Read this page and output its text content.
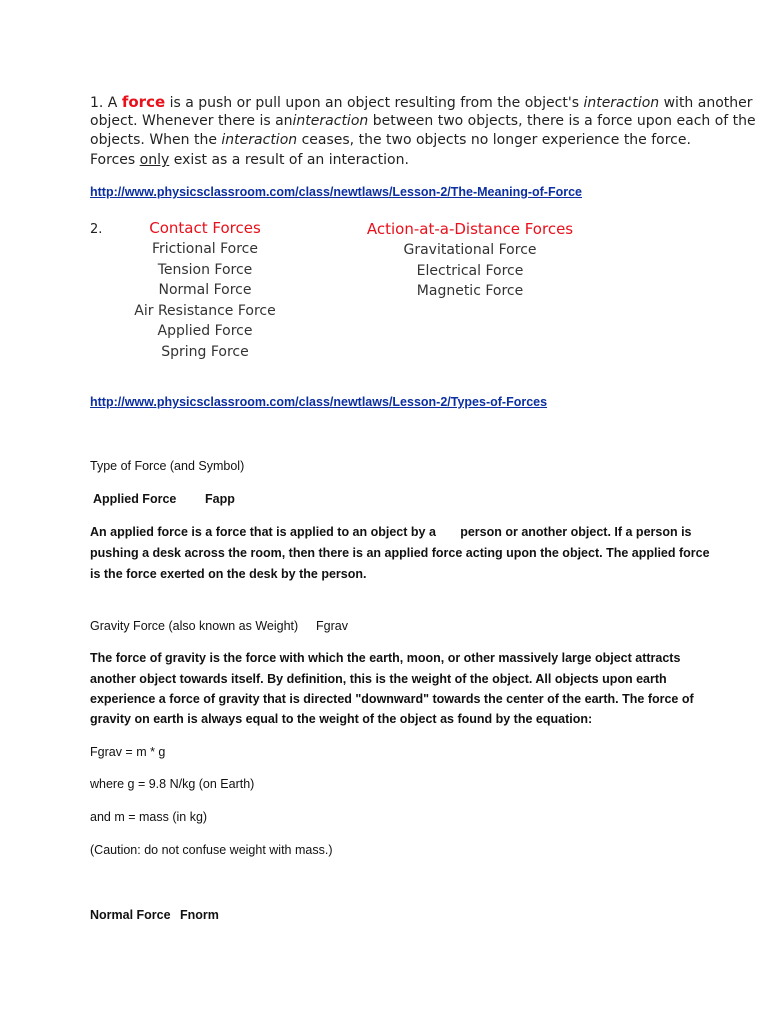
1. A force is a push or pull upon an object resulting from the object's interaction with another
object. Whenever there is aninteraction between two objects, there is a force upon each of the
objects. When the interaction ceases, the two objects no longer experience the force.
Forces only exist as a result of an interaction.
http://www.physicsclassroom.com/class/newtlaws/Lesson-2/The-Meaning-of-Force
2.	Contact Forces
Frictional Force
Tension Force
Normal Force
Air Resistance Force
Applied Force
Spring Force
Action-at-a-Distance Forces
Gravitational Force
Electrical Force
Magnetic Force
http://www.physicsclassroom.com/class/newtlaws/Lesson-2/Types-of-Forces
Type of Force (and Symbol)
Applied Force Fapp
An applied force is a force that is applied to an object by a       person or another object. If a person is
pushing a desk across the room, then there is an applied force acting upon the object. The applied force
is the force exerted on the desk by the person.
Gravity Force (also known as Weight) Fgrav
The force of gravity is the force with which the earth, moon, or other massively large object attracts
another object towards itself. By definition, this is the weight of the object. All objects upon earth
experience a force of gravity that is directed "downward" towards the center of the earth. The force of
gravity on earth is always equal to the weight of the object as found by the equation:
Fgrav = m * g
where g = 9.8 N/kg (on Earth)
and m = mass (in kg)
(Caution: do not confuse weight with mass.)
Normal Force Fnorm
